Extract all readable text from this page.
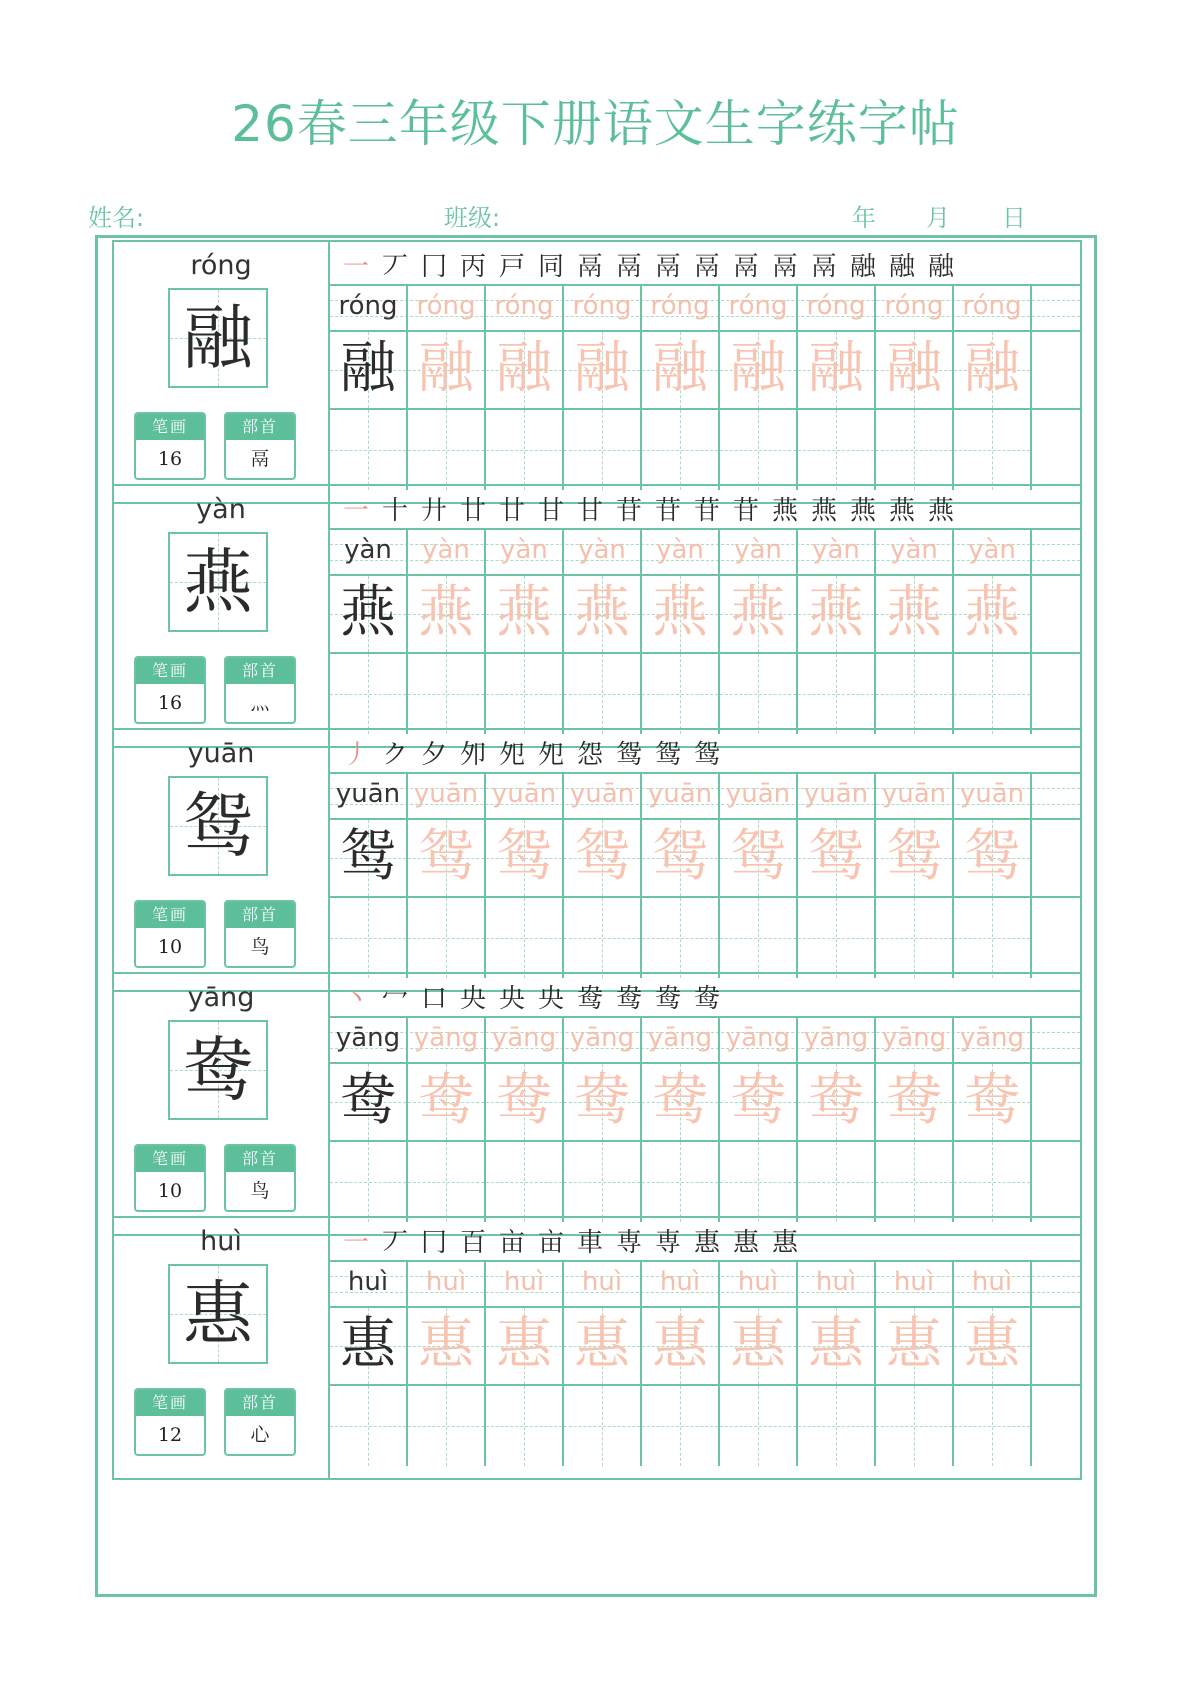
26春三年级下册语文生字练字帖
姓名:	班级:	年 月 日
róng
融
笔画
16
部首
鬲
一 丆 冂 丙 戸 同 鬲 鬲 鬲 鬲 鬲 鬲 鬲 融 融 融
róng róng róng róng róng róng róng róng róng
融 融 融 融 融 融 融 融 融
yàn
燕
笔画
16
部首
灬
一 十 廾 廿 廿 甘 甘 苷 苷 苷 苷 燕 燕 燕 燕 燕
yàn	yàn	yàn	yàn	yàn	yàn	yàn	yàn	yàn
燕 燕 燕 燕 燕 燕 燕 燕 燕
yuān
鸳
笔画
10
部首
鸟
丿 ク 夕 夘 夗 夗 怨 鸳 鸳 鸳
yuān yuān yuān yuān yuān yuān yuān yuān yuān
鸳 鸳 鸳 鸳 鸳 鸳 鸳 鸳 鸳
yāng
鸯
笔画
10
部首
鸟
丶 冖 口 央 央 央 鸯 鸯 鸯 鸯
yāng yāng yāng yāng yāng yāng yāng yāng yāng
鸯 鸯 鸯 鸯 鸯 鸯 鸯 鸯 鸯
huì
惠
笔画
12
部首
心
一 丆 冂 百 亩 亩 車 専 専 惠 惠 惠
huì	huì	huì	huì	huì	huì	huì	huì	huì
惠 惠 惠 惠 惠 惠 惠 惠 惠
